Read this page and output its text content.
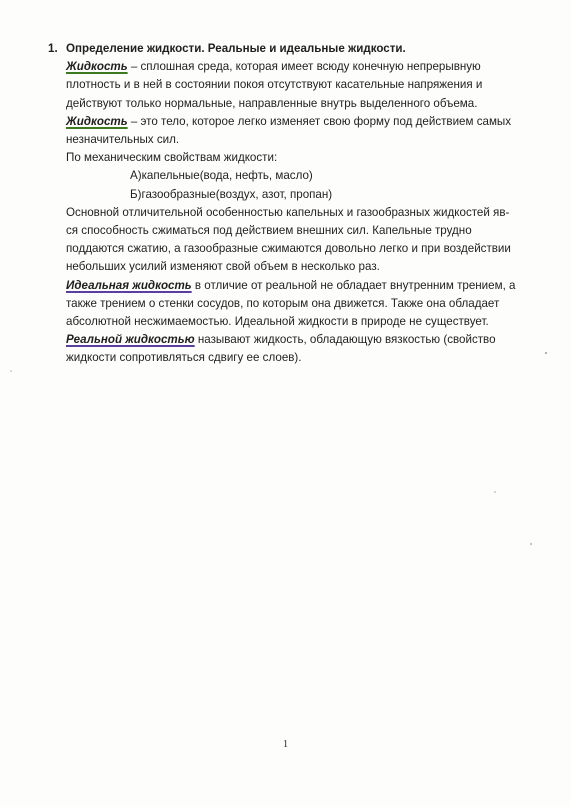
1. Определение жидкости. Реальные и идеальные жидкости.
Жидкость – сплошная среда, которая имеет всюду конечную непрерывную
плотность и в ней в состоянии покоя отсутствуют касательные напряжения и
действуют только нормальные, направленные внутрь выделенного объема.
Жидкость – это тело, которое легко изменяет свою форму под действием самых
незначительных сил.
По механическим свойствам жидкости:
А)капельные(вода, нефть, масло)
Б)газообразные(воздух, азот, пропан)
Основной отличительной особенностью капельных и газообразных жидкостей яв-
ся способность сжиматься под действием внешних сил. Капельные трудно
поддаются сжатию, а газообразные сжимаются довольно легко и при воздействии
небольших усилий изменяют свой объем в несколько раз.
Идеальная жидкость в отличие от реальной не обладает внутренним трением, а
также трением о стенки сосудов, по которым она движется. Также она обладает
абсолютной несжимаемостью. Идеальной жидкости в природе не существует.
Реальной жидкостью называют жидкость, обладающую вязкостью (свойство
жидкости сопротивляться сдвигу ее слоев).
1
